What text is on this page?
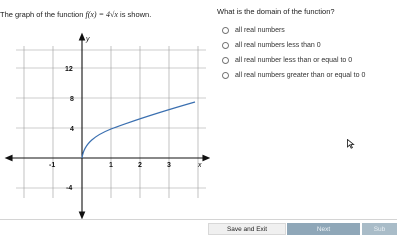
The graph of the function f(x) = 4√x is shown.	What is the domain of the function?
y
x
-1	1	2	3
12
8
4
-4
all real numbers
all real numbers less than 0
all real number less than or equal to 0
all real numbers greater than or equal to 0
Save and Exit	Next	Sub
